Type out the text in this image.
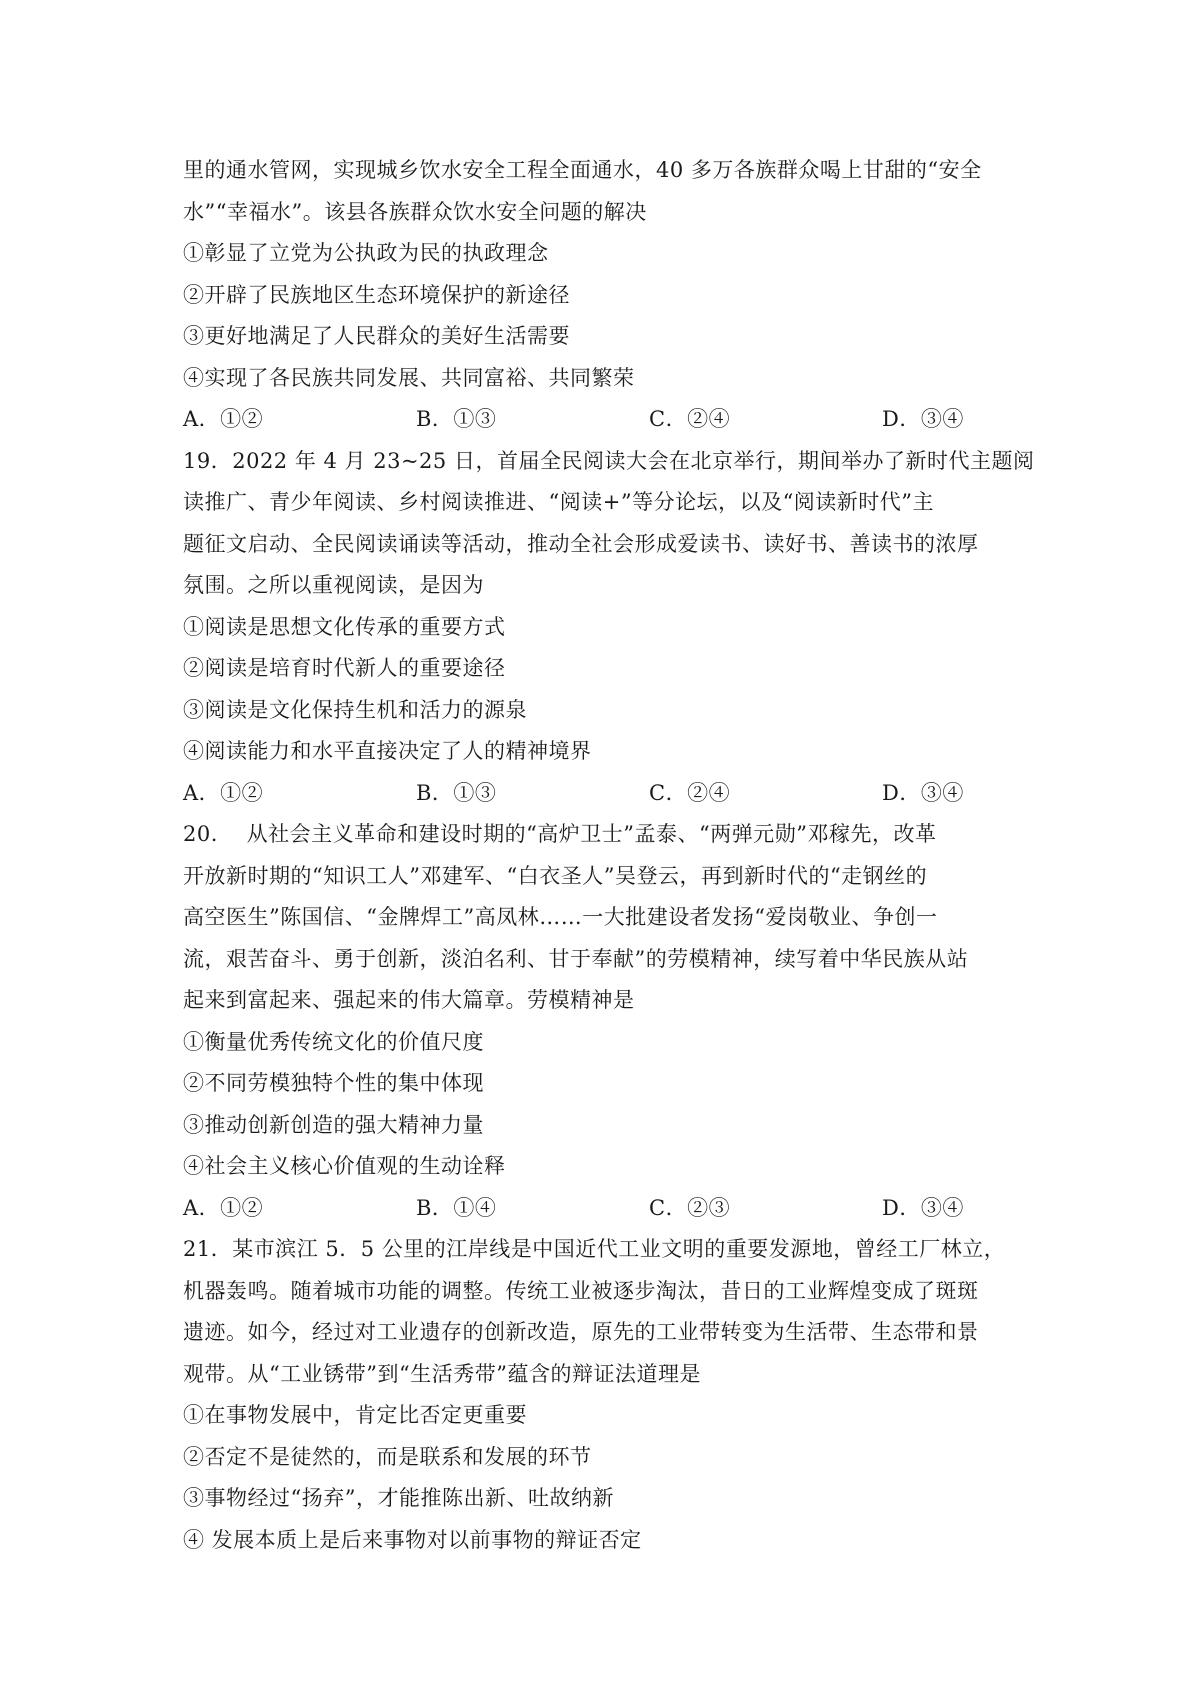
里的通水管网，实现城乡饮水安全工程全面通水，40 多万各族群众喝上甘甜的“安全
水”“幸福水”。该县各族群众饮水安全问题的解决
①彰显了立党为公执政为民的执政理念
②开辟了民族地区生态环境保护的新途径
③更好地满足了人民群众的美好生活需要
④实现了各民族共同发展、共同富裕、共同繁荣
A．①②	B．①③	C．②④	D．③④
19．2022 年 4 月 23~25 日，首届全民阅读大会在北京举行，期间举办了新时代主题阅
读推广、青少年阅读、乡村阅读推进、“阅读+”等分论坛，以及“阅读新时代”主
题征文启动、全民阅读诵读等活动，推动全社会形成爱读书、读好书、善读书的浓厚
氛围。之所以重视阅读，是因为
①阅读是思想文化传承的重要方式
②阅读是培育时代新人的重要途径
③阅读是文化保持生机和活力的源泉
④阅读能力和水平直接决定了人的精神境界
A．①②	B．①③	C．②④	D．③④
20.　 从社会主义革命和建设时期的“高炉卫士”孟泰、“两弹元勋”邓稼先，改革
开放新时期的“知识工人”邓建军、“白衣圣人”吴登云，再到新时代的“走钢丝的
高空医生”陈国信、“金牌焊工”高凤林……一大批建设者发扬“爱岗敬业、争创一
流，艰苦奋斗、勇于创新，淡泊名利、甘于奉献”的劳模精神，续写着中华民族从站
起来到富起来、强起来的伟大篇章。劳模精神是
①衡量优秀传统文化的价值尺度
②不同劳模独特个性的集中体现
③推动创新创造的强大精神力量
④社会主义核心价值观的生动诠释
A．①②	B．①④	C．②③	D．③④
21．某市滨江 5．5 公里的江岸线是中国近代工业文明的重要发源地，曾经工厂林立，
机器轰鸣。随着城市功能的调整。传统工业被逐步淘汰，昔日的工业辉煌变成了斑斑
遗迹。如今，经过对工业遗存的创新改造，原先的工业带转变为生活带、生态带和景
观带。从“工业锈带”到“生活秀带”蕴含的辩证法道理是
①在事物发展中，肯定比否定更重要
②否定不是徒然的，而是联系和发展的环节
③事物经过“扬弃”，才能推陈出新、吐故纳新
④ 发展本质上是后来事物对以前事物的辩证否定
